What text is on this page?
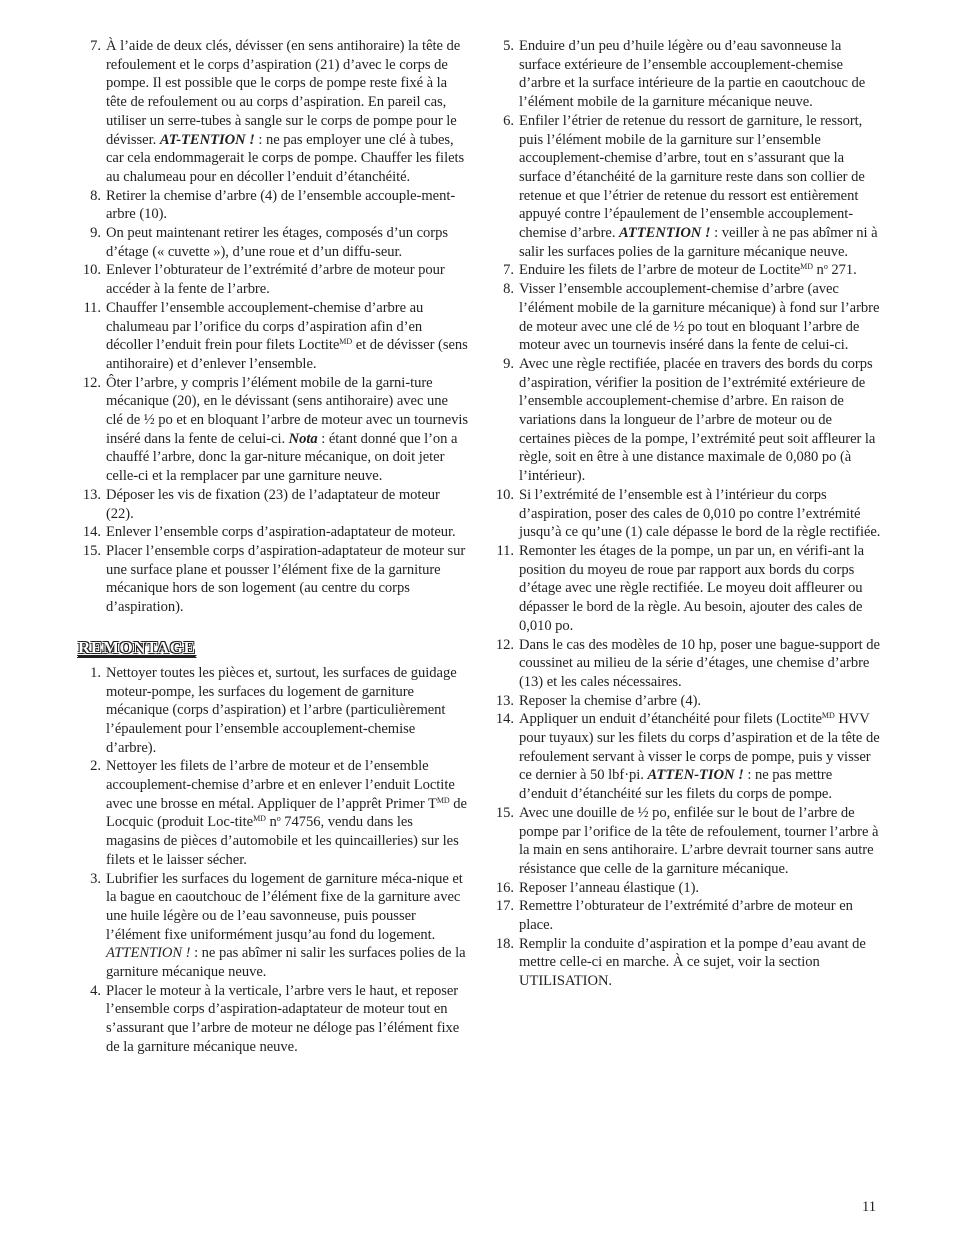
7. À l’aide de deux clés, dévisser (en sens antihoraire) la tête de refoulement et le corps d’aspiration (21) d’avec le corps de pompe. Il est possible que le corps de pompe reste fixé à la tête de refoulement ou au corps d’aspiration. En pareil cas, utiliser un serre-tubes à sangle sur le corps de pompe pour le dévisser. AT-TENTION ! : ne pas employer une clé à tubes, car cela endommagerait le corps de pompe. Chauffer les filets au chalumeau pour en décoller l’enduit d’étanchéité.
8. Retirer la chemise d’arbre (4) de l’ensemble accouple-ment-arbre (10).
9. On peut maintenant retirer les étages, composés d’un corps d’étage (« cuvette »), d’une roue et d’un diffu-seur.
10. Enlever l’obturateur de l’extrémité d’arbre de moteur pour accéder à la fente de l’arbre.
11. Chauffer l’ensemble accouplement-chemise d’arbre au chalumeau par l’orifice du corps d’aspiration afin d’en décoller l’enduit frein pour filets Loctite$^{MD}$ et de dévisser (sens antihoraire) et d’enlever l’ensemble.
12. Ôter l’arbre, y compris l’élément mobile de la garni-ture mécanique (20), en le dévissant (sens antihoraire) avec une clé de ½ po et en bloquant l’arbre de moteur avec un tournevis inséré dans la fente de celui-ci. Nota : étant donné que l’on a chauffé l’arbre, donc la gar-niture mécanique, on doit jeter celle-ci et la remplacer par une garniture neuve.
13. Déposer les vis de fixation (23) de l’adaptateur de moteur (22).
14. Enlever l’ensemble corps d’aspiration-adaptateur de moteur.
15. Placer l’ensemble corps d’aspiration-adaptateur de moteur sur une surface plane et pousser l’élément fixe de la garniture mécanique hors de son logement (au centre du corps d’aspiration).
REMONTAGE
1. Nettoyer toutes les pièces et, surtout, les surfaces de guidage moteur-pompe, les surfaces du logement de garniture mécanique (corps d’aspiration) et l’arbre (particulièrement l’épaulement pour l’ensemble accouplement-chemise d’arbre).
2. Nettoyer les filets de l’arbre de moteur et de l’ensemble accouplement-chemise d’arbre et en enlever l’enduit Loctite avec une brosse en métal. Appliquer de l’apprêt Primer $T^{MD}$ de Locquic (produit Loc-tite$^{MD}$ $n^o$ 74756, vendu dans les magasins de pièces d’automobile et les quincailleries) sur les filets et le laisser sécher.
3. Lubrifier les surfaces du logement de garniture méca-nique et la bague en caoutchouc de l’élément fixe de la garniture avec une huile légère ou de l’eau savonneuse, puis pousser l’élément fixe uniformément jusqu’au fond du logement. ATTENTION ! : ne pas abîmer ni salir les surfaces polies de la garniture mécanique neuve.
4. Placer le moteur à la verticale, l’arbre vers le haut, et reposer l’ensemble corps d’aspiration-adaptateur de moteur tout en s’assurant que l’arbre de moteur ne déloge pas l’élément fixe de la garniture mécanique neuve.
5. Enduire d’un peu d’huile légère ou d’eau savonneuse la surface extérieure de l’ensemble accouplement-chemise d’arbre et la surface intérieure de la partie en caoutchouc de l’élément mobile de la garniture mécanique neuve.
6. Enfiler l’étrier de retenue du ressort de garniture, le ressort, puis l’élément mobile de la garniture sur l’ensemble accouplement-chemise d’arbre, tout en s’assurant que la surface d’étanchéité de la garniture reste dans son collier de retenue et que l’étrier de retenue du ressort est entièrement appuyé contre l’épaulement de l’ensemble accouplement-chemise d’arbre. ATTENTION ! : veiller à ne pas abîmer ni à salir les surfaces polies de la garniture mécanique neuve.
7. Enduire les filets de l’arbre de moteur de Loctite$^{MD}$ $n^o$ 271.
8. Visser l’ensemble accouplement-chemise d’arbre (avec l’élément mobile de la garniture mécanique) à fond sur l’arbre de moteur avec une clé de ½ po tout en bloquant l’arbre de moteur avec un tournevis inséré dans la fente de celui-ci.
9. Avec une règle rectifiée, placée en travers des bords du corps d’aspiration, vérifier la position de l’extrémité extérieure de l’ensemble accouplement-chemise d’arbre. En raison de variations dans la longueur de l’arbre de moteur ou de certaines pièces de la pompe, l’extrémité peut soit affleurer la règle, soit en être à une distance maximale de 0,080 po (à l’intérieur).
10. Si l’extrémité de l’ensemble est à l’intérieur du corps d’aspiration, poser des cales de 0,010 po contre l’extrémité jusqu’à ce qu’une (1) cale dépasse le bord de la règle rectifiée.
11. Remonter les étages de la pompe, un par un, en vérifi-ant la position du moyeu de roue par rapport aux bords du corps d’étage avec une règle rectifiée. Le moyeu doit affleurer ou dépasser le bord de la règle. Au besoin, ajouter des cales de 0,010 po.
12. Dans le cas des modèles de 10 hp, poser une bague-support de coussinet au milieu de la série d’étages, une chemise d’arbre (13) et les cales nécessaires.
13. Reposer la chemise d’arbre (4).
14. Appliquer un enduit d’étanchéité pour filets (Loctite$^{MD}$ HVV pour tuyaux) sur les filets du corps d’aspiration et de la tête de refoulement servant à visser le corps de pompe, puis y visser ce dernier à 50 lbf·pi. ATTEN-TION ! : ne pas mettre d’enduit d’étanchéité sur les filets du corps de pompe.
15. Avec une douille de ½ po, enfilée sur le bout de l’arbre de pompe par l’orifice de la tête de refoulement, tourner l’arbre à la main en sens antihoraire. L’arbre devrait tourner sans autre résistance que celle de la garniture mécanique.
16. Reposer l’anneau élastique (1).
17. Remettre l’obturateur de l’extrémité d’arbre de moteur en place.
18. Remplir la conduite d’aspiration et la pompe d’eau avant de mettre celle-ci en marche. À ce sujet, voir la section UTILISATION.
11
